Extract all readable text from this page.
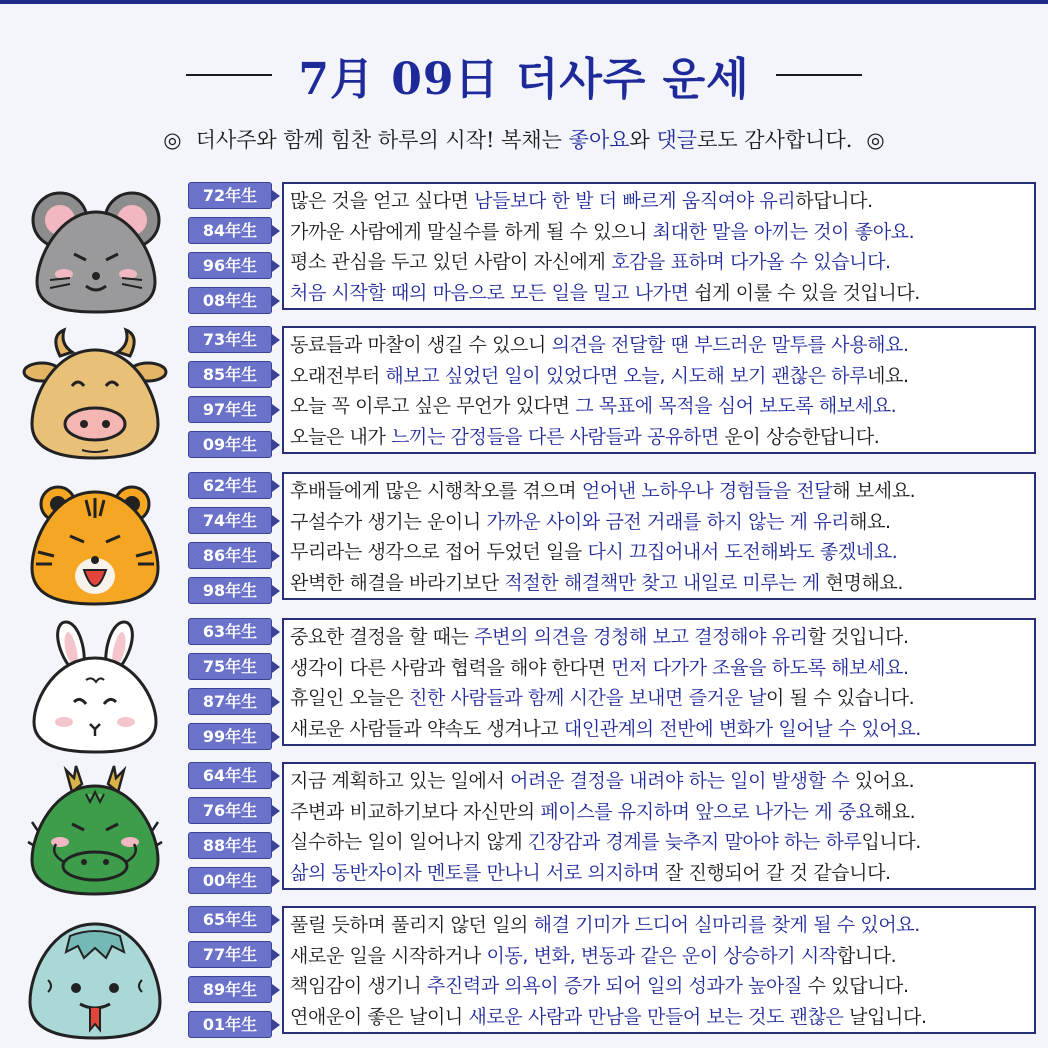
7月 09日 더사주 운세
◎ 더사주와 함께 힘찬 하루의 시작! 복채는 좋아요와 댓글로도 감사합니다. ◎
72年生
84年生
96年生
08年生
많은 것을 얻고 싶다면 남들보다 한 발 더 빠르게 움직여야 유리하답니다.
가까운 사람에게 말실수를 하게 될 수 있으니 최대한 말을 아끼는 것이 좋아요.
평소 관심을 두고 있던 사람이 자신에게 호감을 표하며 다가올 수 있습니다.
처음 시작할 때의 마음으로 모든 일을 밀고 나가면 쉽게 이룰 수 있을 것입니다.
73年生
85年生
97年生
09年生
동료들과 마찰이 생길 수 있으니 의견을 전달할 땐 부드러운 말투를 사용해요.
오래전부터 해보고 싶었던 일이 있었다면 오늘, 시도해 보기 괜찮은 하루네요.
오늘 꼭 이루고 싶은 무언가 있다면 그 목표에 목적을 심어 보도록 해보세요.
오늘은 내가 느끼는 감정들을 다른 사람들과 공유하면 운이 상승한답니다.
62年生
74年生
86年生
98年生
후배들에게 많은 시행착오를 겪으며 얻어낸 노하우나 경험들을 전달해 보세요.
구설수가 생기는 운이니 가까운 사이와 금전 거래를 하지 않는 게 유리해요.
무리라는 생각으로 접어 두었던 일을 다시 끄집어내서 도전해봐도 좋겠네요.
완벽한 해결을 바라기보단 적절한 해결책만 찾고 내일로 미루는 게 현명해요.
63年生
75年生
87年生
99年生
중요한 결정을 할 때는 주변의 의견을 경청해 보고 결정해야 유리할 것입니다.
생각이 다른 사람과 협력을 해야 한다면 먼저 다가가 조율을 하도록 해보세요.
휴일인 오늘은 친한 사람들과 함께 시간을 보내면 즐거운 날이 될 수 있습니다.
새로운 사람들과 약속도 생겨나고 대인관계의 전반에 변화가 일어날 수 있어요.
64年生
76年生
88年生
00年生
지금 계획하고 있는 일에서 어려운 결정을 내려야 하는 일이 발생할 수 있어요.
주변과 비교하기보다 자신만의 페이스를 유지하며 앞으로 나가는 게 중요해요.
실수하는 일이 일어나지 않게 긴장감과 경계를 늦추지 말아야 하는 하루입니다.
삶의 동반자이자 멘토를 만나니 서로 의지하며 잘 진행되어 갈 것 같습니다.
65年生
77年生
89年生
01年生
풀릴 듯하며 풀리지 않던 일의 해결 기미가 드디어 실마리를 찾게 될 수 있어요.
새로운 일을 시작하거나 이동, 변화, 변동과 같은 운이 상승하기 시작합니다.
책임감이 생기니 추진력과 의욕이 증가 되어 일의 성과가 높아질 수 있답니다.
연애운이 좋은 날이니 새로운 사람과 만남을 만들어 보는 것도 괜찮은 날입니다.
